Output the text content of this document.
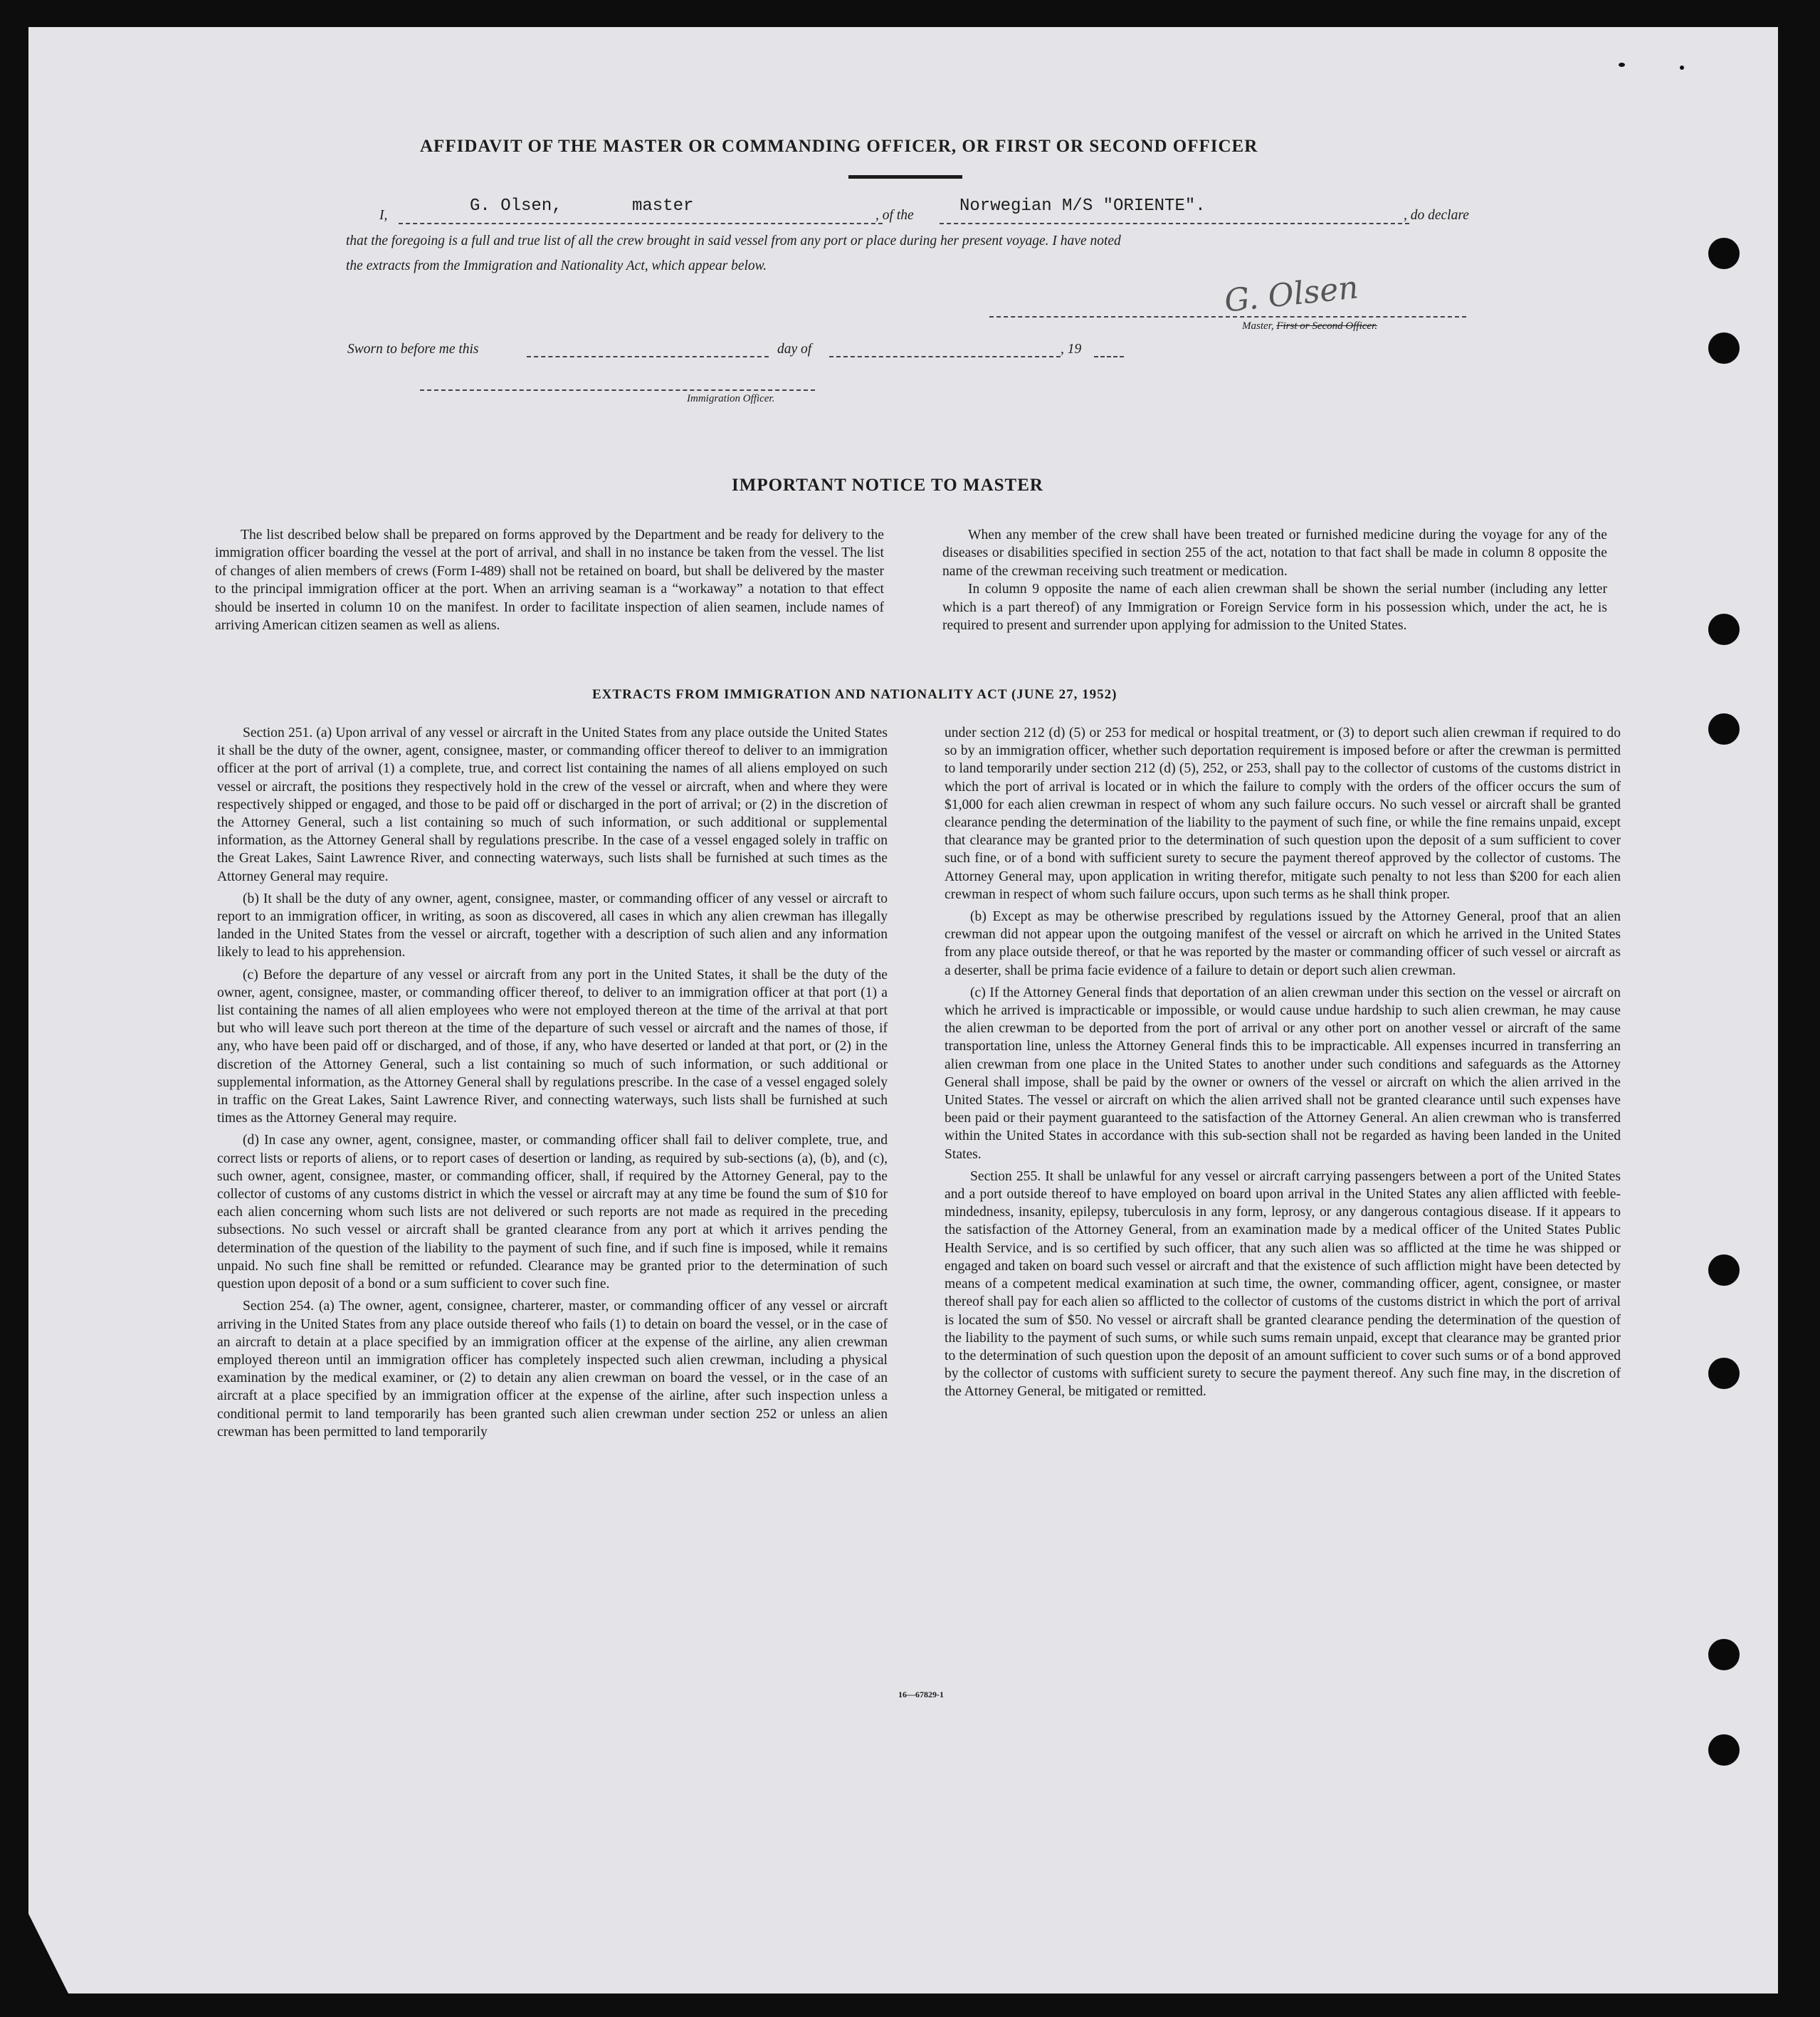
AFFIDAVIT OF THE MASTER OR COMMANDING OFFICER, OR FIRST OR SECOND OFFICER
I,	G. Olsen,	master	, of the	Norwegian M/S "ORIENTE".	, do declare
that the foregoing is a full and true list of all the crew brought in said vessel from any port or place during her present voyage. I have noted
the extracts from the Immigration and Nationality Act, which appear below.
G. Olsen
Master, First or Second Officer.
Sworn to before me this	day of	, 19
Immigration Officer.
IMPORTANT NOTICE TO MASTER

The list described below shall be prepared on forms approved by the Department and be ready for delivery to the immigration officer boarding the vessel at the port of arrival, and shall in no instance be taken from the vessel. The list of changes of alien members of crews (Form I-489) shall not be retained on board, but shall be delivered by the master to the principal immigration officer at the port. When an arriving seaman is a “workaway” a notation to that effect should be inserted in column 10 on the manifest. In order to facilitate inspection of alien seamen, include names of arriving American citizen seamen as well as aliens.

When any member of the crew shall have been treated or furnished medicine during the voyage for any of the diseases or disabilities specified in section 255 of the act, notation to that fact shall be made in column 8 opposite the name of the crewman receiving such treatment or medication.

In column 9 opposite the name of each alien crewman shall be shown the serial number (including any letter which is a part thereof) of any Immigration or Foreign Service form in his possession which, under the act, he is required to present and surrender upon applying for admission to the United States.

EXTRACTS FROM IMMIGRATION AND NATIONALITY ACT (JUNE 27, 1952)

Section 251. (a) Upon arrival of any vessel or aircraft in the United States from any place outside the United States it shall be the duty of the owner, agent, consignee, master, or commanding officer thereof to deliver to an immigration officer at the port of arrival (1) a complete, true, and correct list containing the names of all aliens employed on such vessel or aircraft, the positions they respectively hold in the crew of the vessel or aircraft, when and where they were respectively shipped or engaged, and those to be paid off or discharged in the port of arrival; or (2) in the discretion of the Attorney General, such a list containing so much of such information, or such additional or supplemental information, as the Attorney General shall by regulations prescribe. In the case of a vessel engaged solely in traffic on the Great Lakes, Saint Lawrence River, and connecting waterways, such lists shall be furnished at such times as the Attorney General may require.

(b) It shall be the duty of any owner, agent, consignee, master, or commanding officer of any vessel or aircraft to report to an immigration officer, in writing, as soon as discovered, all cases in which any alien crewman has illegally landed in the United States from the vessel or aircraft, together with a description of such alien and any information likely to lead to his apprehension.

(c) Before the departure of any vessel or aircraft from any port in the United States, it shall be the duty of the owner, agent, consignee, master, or commanding officer thereof, to deliver to an immigration officer at that port (1) a list containing the names of all alien employees who were not employed thereon at the time of the arrival at that port but who will leave such port thereon at the time of the departure of such vessel or aircraft and the names of those, if any, who have been paid off or discharged, and of those, if any, who have deserted or landed at that port, or (2) in the discretion of the Attorney General, such a list containing so much of such information, or such additional or supplemental information, as the Attorney General shall by regulations prescribe. In the case of a vessel engaged solely in traffic on the Great Lakes, Saint Lawrence River, and connecting waterways, such lists shall be furnished at such times as the Attorney General may require.

(d) In case any owner, agent, consignee, master, or commanding officer shall fail to deliver complete, true, and correct lists or reports of aliens, or to report cases of desertion or landing, as required by sub-sections (a), (b), and (c), such owner, agent, consignee, master, or commanding officer, shall, if required by the Attorney General, pay to the collector of customs of any customs district in which the vessel or aircraft may at any time be found the sum of $10 for each alien concerning whom such lists are not delivered or such reports are not made as required in the preceding subsections. No such vessel or aircraft shall be granted clearance from any port at which it arrives pending the determination of the question of the liability to the payment of such fine, and if such fine is imposed, while it remains unpaid. No such fine shall be remitted or refunded. Clearance may be granted prior to the determination of such question upon deposit of a bond or a sum sufficient to cover such fine.

Section 254. (a) The owner, agent, consignee, charterer, master, or commanding officer of any vessel or aircraft arriving in the United States from any place outside thereof who fails (1) to detain on board the vessel, or in the case of an aircraft to detain at a place specified by an immigration officer at the expense of the airline, any alien crewman employed thereon until an immigration officer has completely inspected such alien crewman, including a physical examination by the medical examiner, or (2) to detain any alien crewman on board the vessel, or in the case of an aircraft at a place specified by an immigration officer at the expense of the airline, after such inspection unless a conditional permit to land temporarily has been granted such alien crewman under section 252 or unless an alien crewman has been permitted to land temporarily

under section 212 (d) (5) or 253 for medical or hospital treatment, or (3) to deport such alien crewman if required to do so by an immigration officer, whether such deportation requirement is imposed before or after the crewman is permitted to land temporarily under section 212 (d) (5), 252, or 253, shall pay to the collector of customs of the customs district in which the port of arrival is located or in which the failure to comply with the orders of the officer occurs the sum of $1,000 for each alien crewman in respect of whom any such failure occurs. No such vessel or aircraft shall be granted clearance pending the determination of the liability to the payment of such fine, or while the fine remains unpaid, except that clearance may be granted prior to the determination of such question upon the deposit of a sum sufficient to cover such fine, or of a bond with sufficient surety to secure the payment thereof approved by the collector of customs. The Attorney General may, upon application in writing therefor, mitigate such penalty to not less than $200 for each alien crewman in respect of whom such failure occurs, upon such terms as he shall think proper.

(b) Except as may be otherwise prescribed by regulations issued by the Attorney General, proof that an alien crewman did not appear upon the outgoing manifest of the vessel or aircraft on which he arrived in the United States from any place outside thereof, or that he was reported by the master or commanding officer of such vessel or aircraft as a deserter, shall be prima facie evidence of a failure to detain or deport such alien crewman.

(c) If the Attorney General finds that deportation of an alien crewman under this section on the vessel or aircraft on which he arrived is impracticable or impossible, or would cause undue hardship to such alien crewman, he may cause the alien crewman to be deported from the port of arrival or any other port on another vessel or aircraft of the same transportation line, unless the Attorney General finds this to be impracticable. All expenses incurred in transferring an alien crewman from one place in the United States to another under such conditions and safeguards as the Attorney General shall impose, shall be paid by the owner or owners of the vessel or aircraft on which the alien arrived in the United States. The vessel or aircraft on which the alien arrived shall not be granted clearance until such expenses have been paid or their payment guaranteed to the satisfaction of the Attorney General. An alien crewman who is transferred within the United States in accordance with this sub-section shall not be regarded as having been landed in the United States.

Section 255. It shall be unlawful for any vessel or aircraft carrying passengers between a port of the United States and a port outside thereof to have employed on board upon arrival in the United States any alien afflicted with feeble-mindedness, insanity, epilepsy, tuberculosis in any form, leprosy, or any dangerous contagious disease. If it appears to the satisfaction of the Attorney General, from an examination made by a medical officer of the United States Public Health Service, and is so certified by such officer, that any such alien was so afflicted at the time he was shipped or engaged and taken on board such vessel or aircraft and that the existence of such affliction might have been detected by means of a competent medical examination at such time, the owner, commanding officer, agent, consignee, or master thereof shall pay for each alien so afflicted to the collector of customs of the customs district in which the port of arrival is located the sum of $50. No vessel or aircraft shall be granted clearance pending the determination of the question of the liability to the payment of such sums, or while such sums remain unpaid, except that clearance may be granted prior to the determination of such question upon the deposit of an amount sufficient to cover such sums or of a bond approved by the collector of customs with sufficient surety to secure the payment thereof. Any such fine may, in the discretion of the Attorney General, be mitigated or remitted.

16—67829-1
